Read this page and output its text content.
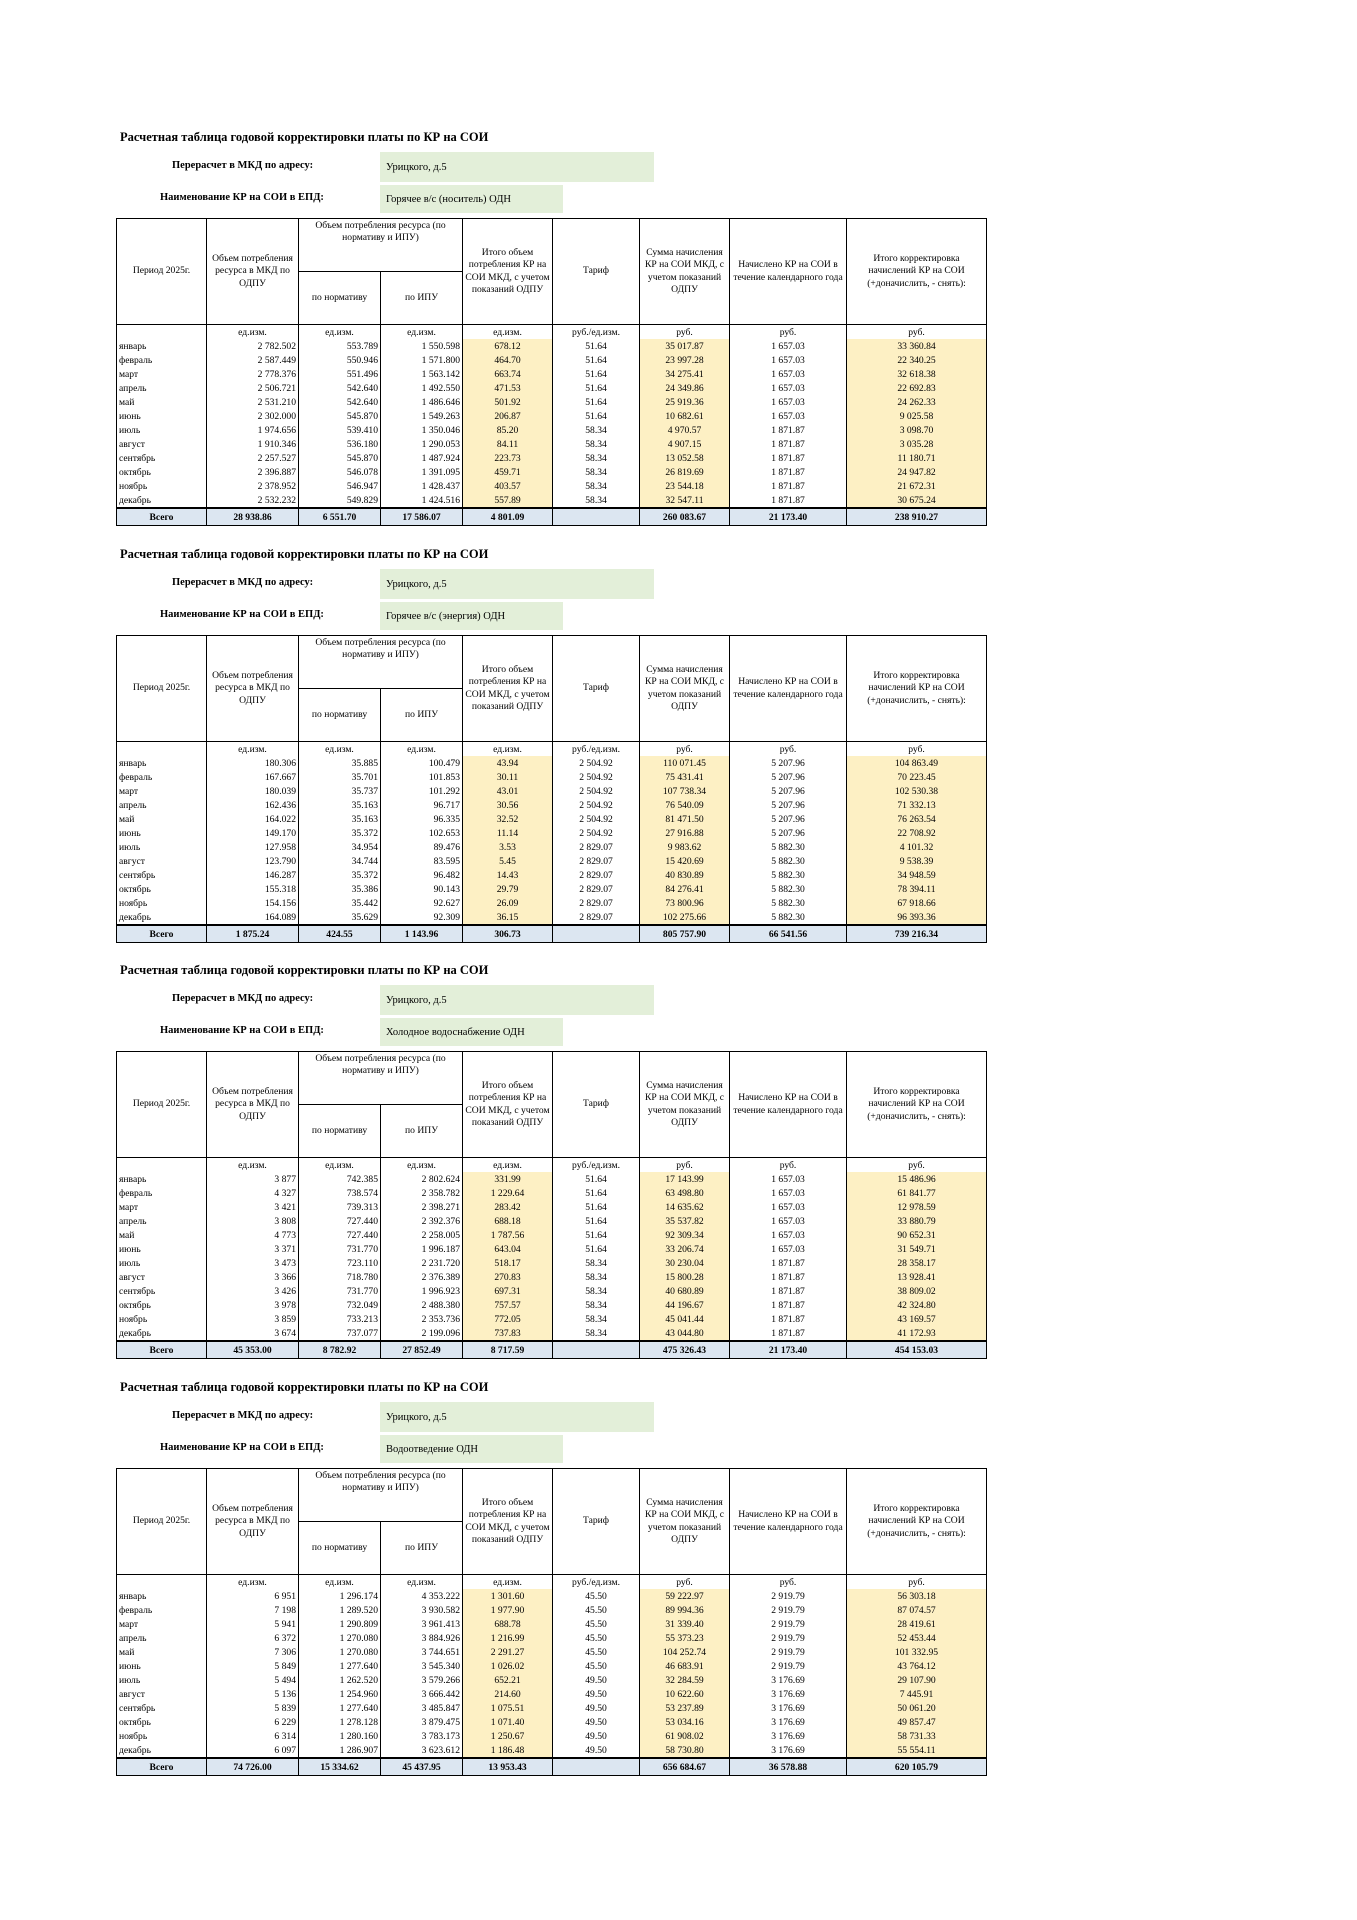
Расчетная таблица годовой корректировки платы по КР на СОИ
Перерасчет в МКД по адресу:	Урицкого, д.5
Наименование КР на СОИ в ЕПД:	Горячее в/с (носитель) ОДН
Период 2025г.	Объем потребления ресурса в МКД по ОДПУ	Объем потребления ресурса (по нормативу и ИПУ)		Итого объем потребления КР на СОИ МКД, с учетом показаний ОДПУ	Тариф	Сумма начисления КР на СОИ МКД, с учетом показаний ОДПУ	Начислено КР на СОИ в течение календарного года	Итого корректировка начислений КР на СОИ (+доначислить, - снять):
		по нормативу	по ИПУ					
	ед.изм.	ед.изм.	ед.изм.	ед.изм.	руб./ед.изм.	руб.	руб.	руб.
январь	2 782.502	553.789	1 550.598	678.12	51.64	35 017.87	1 657.03	33 360.84
февраль	2 587.449	550.946	1 571.800	464.70	51.64	23 997.28	1 657.03	22 340.25
март	2 778.376	551.496	1 563.142	663.74	51.64	34 275.41	1 657.03	32 618.38
апрель	2 506.721	542.640	1 492.550	471.53	51.64	24 349.86	1 657.03	22 692.83
май	2 531.210	542.640	1 486.646	501.92	51.64	25 919.36	1 657.03	24 262.33
июнь	2 302.000	545.870	1 549.263	206.87	51.64	10 682.61	1 657.03	9 025.58
июль	1 974.656	539.410	1 350.046	85.20	58.34	4 970.57	1 871.87	3 098.70
август	1 910.346	536.180	1 290.053	84.11	58.34	4 907.15	1 871.87	3 035.28
сентябрь	2 257.527	545.870	1 487.924	223.73	58.34	13 052.58	1 871.87	11 180.71
октябрь	2 396.887	546.078	1 391.095	459.71	58.34	26 819.69	1 871.87	24 947.82
ноябрь	2 378.952	546.947	1 428.437	403.57	58.34	23 544.18	1 871.87	21 672.31
декабрь	2 532.232	549.829	1 424.516	557.89	58.34	32 547.11	1 871.87	30 675.24
Всего	28 938.86	6 551.70	17 586.07	4 801.09		260 083.67	21 173.40	238 910.27
Расчетная таблица годовой корректировки платы по КР на СОИ
Перерасчет в МКД по адресу:	Урицкого, д.5
Наименование КР на СОИ в ЕПД:	Горячее в/с (энергия) ОДН
Период 2025г.	Объем потребления ресурса в МКД по ОДПУ	Объем потребления ресурса (по нормативу и ИПУ)		Итого объем потребления КР на СОИ МКД, с учетом показаний ОДПУ	Тариф	Сумма начисления КР на СОИ МКД, с учетом показаний ОДПУ	Начислено КР на СОИ в течение календарного года	Итого корректировка начислений КР на СОИ (+доначислить, - снять):
		по нормативу	по ИПУ					
	ед.изм.	ед.изм.	ед.изм.	ед.изм.	руб./ед.изм.	руб.	руб.	руб.
январь	180.306	35.885	100.479	43.94	2 504.92	110 071.45	5 207.96	104 863.49
февраль	167.667	35.701	101.853	30.11	2 504.92	75 431.41	5 207.96	70 223.45
март	180.039	35.737	101.292	43.01	2 504.92	107 738.34	5 207.96	102 530.38
апрель	162.436	35.163	96.717	30.56	2 504.92	76 540.09	5 207.96	71 332.13
май	164.022	35.163	96.335	32.52	2 504.92	81 471.50	5 207.96	76 263.54
июнь	149.170	35.372	102.653	11.14	2 504.92	27 916.88	5 207.96	22 708.92
июль	127.958	34.954	89.476	3.53	2 829.07	9 983.62	5 882.30	4 101.32
август	123.790	34.744	83.595	5.45	2 829.07	15 420.69	5 882.30	9 538.39
сентябрь	146.287	35.372	96.482	14.43	2 829.07	40 830.89	5 882.30	34 948.59
октябрь	155.318	35.386	90.143	29.79	2 829.07	84 276.41	5 882.30	78 394.11
ноябрь	154.156	35.442	92.627	26.09	2 829.07	73 800.96	5 882.30	67 918.66
декабрь	164.089	35.629	92.309	36.15	2 829.07	102 275.66	5 882.30	96 393.36
Всего	1 875.24	424.55	1 143.96	306.73		805 757.90	66 541.56	739 216.34
Расчетная таблица годовой корректировки платы по КР на СОИ
Перерасчет в МКД по адресу:	Урицкого, д.5
Наименование КР на СОИ в ЕПД:	Холодное водоснабжение ОДН
Период 2025г.	Объем потребления ресурса в МКД по ОДПУ	Объем потребления ресурса (по нормативу и ИПУ)		Итого объем потребления КР на СОИ МКД, с учетом показаний ОДПУ	Тариф	Сумма начисления КР на СОИ МКД, с учетом показаний ОДПУ	Начислено КР на СОИ в течение календарного года	Итого корректировка начислений КР на СОИ (+доначислить, - снять):
		по нормативу	по ИПУ					
	ед.изм.	ед.изм.	ед.изм.	ед.изм.	руб./ед.изм.	руб.	руб.	руб.
январь	3 877	742.385	2 802.624	331.99	51.64	17 143.99	1 657.03	15 486.96
февраль	4 327	738.574	2 358.782	1 229.64	51.64	63 498.80	1 657.03	61 841.77
март	3 421	739.313	2 398.271	283.42	51.64	14 635.62	1 657.03	12 978.59
апрель	3 808	727.440	2 392.376	688.18	51.64	35 537.82	1 657.03	33 880.79
май	4 773	727.440	2 258.005	1 787.56	51.64	92 309.34	1 657.03	90 652.31
июнь	3 371	731.770	1 996.187	643.04	51.64	33 206.74	1 657.03	31 549.71
июль	3 473	723.110	2 231.720	518.17	58.34	30 230.04	1 871.87	28 358.17
август	3 366	718.780	2 376.389	270.83	58.34	15 800.28	1 871.87	13 928.41
сентябрь	3 426	731.770	1 996.923	697.31	58.34	40 680.89	1 871.87	38 809.02
октябрь	3 978	732.049	2 488.380	757.57	58.34	44 196.67	1 871.87	42 324.80
ноябрь	3 859	733.213	2 353.736	772.05	58.34	45 041.44	1 871.87	43 169.57
декабрь	3 674	737.077	2 199.096	737.83	58.34	43 044.80	1 871.87	41 172.93
Всего	45 353.00	8 782.92	27 852.49	8 717.59		475 326.43	21 173.40	454 153.03
Расчетная таблица годовой корректировки платы по КР на СОИ
Перерасчет в МКД по адресу:	Урицкого, д.5
Наименование КР на СОИ в ЕПД:	Водоотведение ОДН
Период 2025г.	Объем потребления ресурса в МКД по ОДПУ	Объем потребления ресурса (по нормативу и ИПУ)		Итого объем потребления КР на СОИ МКД, с учетом показаний ОДПУ	Тариф	Сумма начисления КР на СОИ МКД, с учетом показаний ОДПУ	Начислено КР на СОИ в течение календарного года	Итого корректировка начислений КР на СОИ (+доначислить, - снять):
		по нормативу	по ИПУ					
	ед.изм.	ед.изм.	ед.изм.	ед.изм.	руб./ед.изм.	руб.	руб.	руб.
январь	6 951	1 296.174	4 353.222	1 301.60	45.50	59 222.97	2 919.79	56 303.18
февраль	7 198	1 289.520	3 930.582	1 977.90	45.50	89 994.36	2 919.79	87 074.57
март	5 941	1 290.809	3 961.413	688.78	45.50	31 339.40	2 919.79	28 419.61
апрель	6 372	1 270.080	3 884.926	1 216.99	45.50	55 373.23	2 919.79	52 453.44
май	7 306	1 270.080	3 744.651	2 291.27	45.50	104 252.74	2 919.79	101 332.95
июнь	5 849	1 277.640	3 545.340	1 026.02	45.50	46 683.91	2 919.79	43 764.12
июль	5 494	1 262.520	3 579.266	652.21	49.50	32 284.59	3 176.69	29 107.90
август	5 136	1 254.960	3 666.442	214.60	49.50	10 622.60	3 176.69	7 445.91
сентябрь	5 839	1 277.640	3 485.847	1 075.51	49.50	53 237.89	3 176.69	50 061.20
октябрь	6 229	1 278.128	3 879.475	1 071.40	49.50	53 034.16	3 176.69	49 857.47
ноябрь	6 314	1 280.160	3 783.173	1 250.67	49.50	61 908.02	3 176.69	58 731.33
декабрь	6 097	1 286.907	3 623.612	1 186.48	49.50	58 730.80	3 176.69	55 554.11
Всего	74 726.00	15 334.62	45 437.95	13 953.43		656 684.67	36 578.88	620 105.79
